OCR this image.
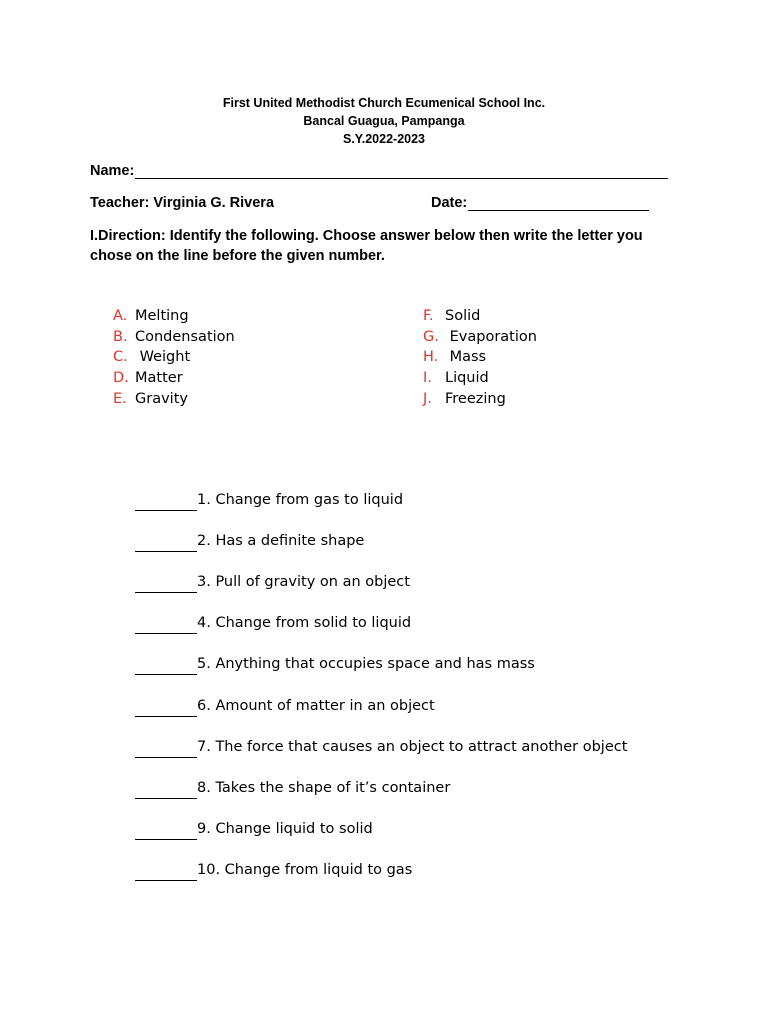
First United Methodist Church Ecumenical School Inc.
Bancal Guagua, Pampanga
S.Y.2022-2023
Name:
Teacher: Virginia G. Rivera	Date:
I.Direction: Identify the following. Choose answer below then write the letter you chose on the line before the given number.
A. Melting
B. Condensation
C. Weight
D. Matter
E. Gravity
F. Solid
G. Evaporation
H. Mass
I. Liquid
J. Freezing
1. Change from gas to liquid
2. Has a definite shape
3. Pull of gravity on an object
4. Change from solid to liquid
5. Anything that occupies space and has mass
6. Amount of matter in an object
7. The force that causes an object to attract another object
8. Takes the shape of it’s container
9. Change liquid to solid
10. Change from liquid to gas
